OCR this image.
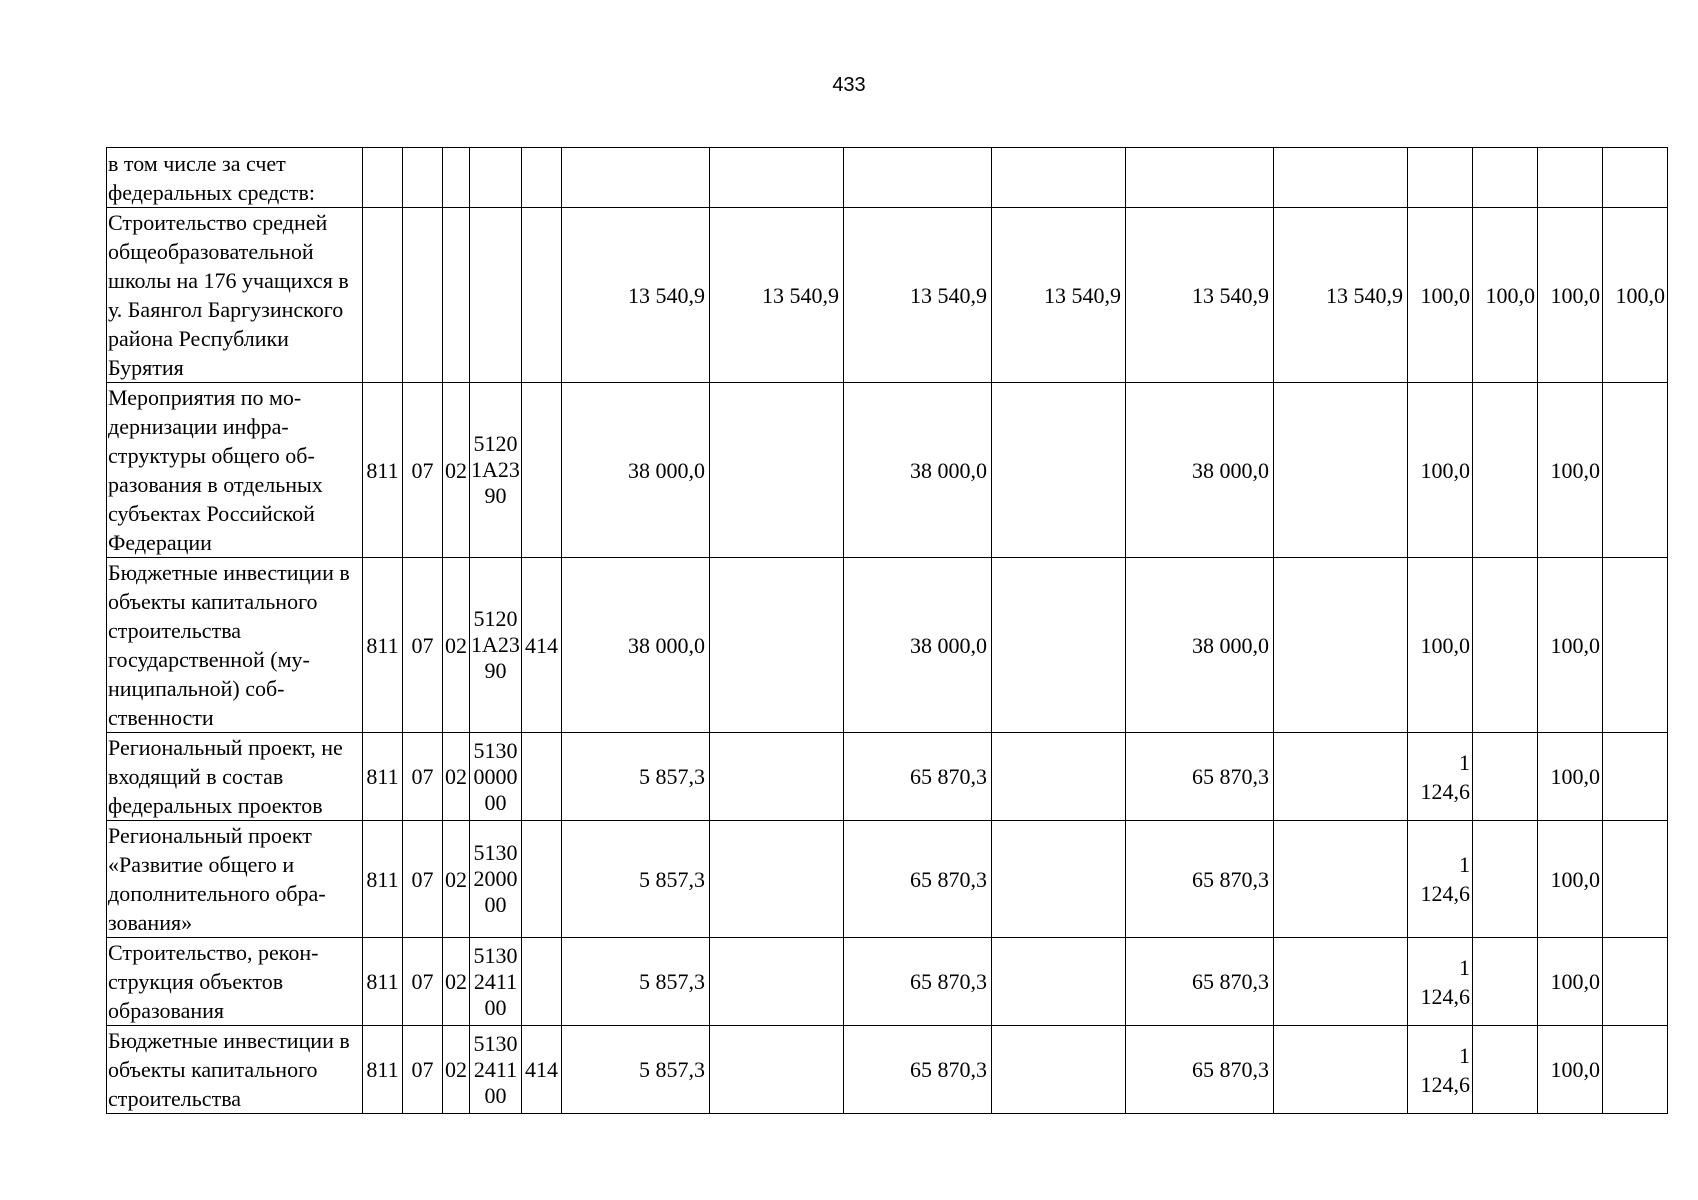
433
в том числе за счет федеральных средств:															
Строительство средней общеобразовательной школы на 176 учащихся в у. Баянгол Баргузинского района Республики Бурятия						13 540,9	13 540,9	13 540,9	13 540,9	13 540,9	13 540,9	100,0	100,0	100,0	100,0
Мероприятия по модернизации инфраструктуры общего образования в отдельных субъектах Российской Федерации	811	07	02	5120 1A23 90		38 000,0		38 000,0		38 000,0		100,0		100,0	
Бюджетные инвестиции в объекты капитального строительства государственной (муниципальной) собственности	811	07	02	5120 1A23 90	414	38 000,0		38 000,0		38 000,0		100,0		100,0	
Региональный проект, не входящий в состав федеральных проектов	811	07	02	5130 0000 00		5 857,3		65 870,3		65 870,3		1 124,6		100,0	
Региональный проект «Развитие общего и дополнительного образования»	811	07	02	5130 2000 00		5 857,3		65 870,3		65 870,3		1 124,6		100,0	
Строительство, реконструкция объектов образования	811	07	02	5130 2411 00		5 857,3		65 870,3		65 870,3		1 124,6		100,0	
Бюджетные инвестиции в объекты капитального строительства	811	07	02	5130 2411 00	414	5 857,3		65 870,3		65 870,3		1 124,6		100,0	
